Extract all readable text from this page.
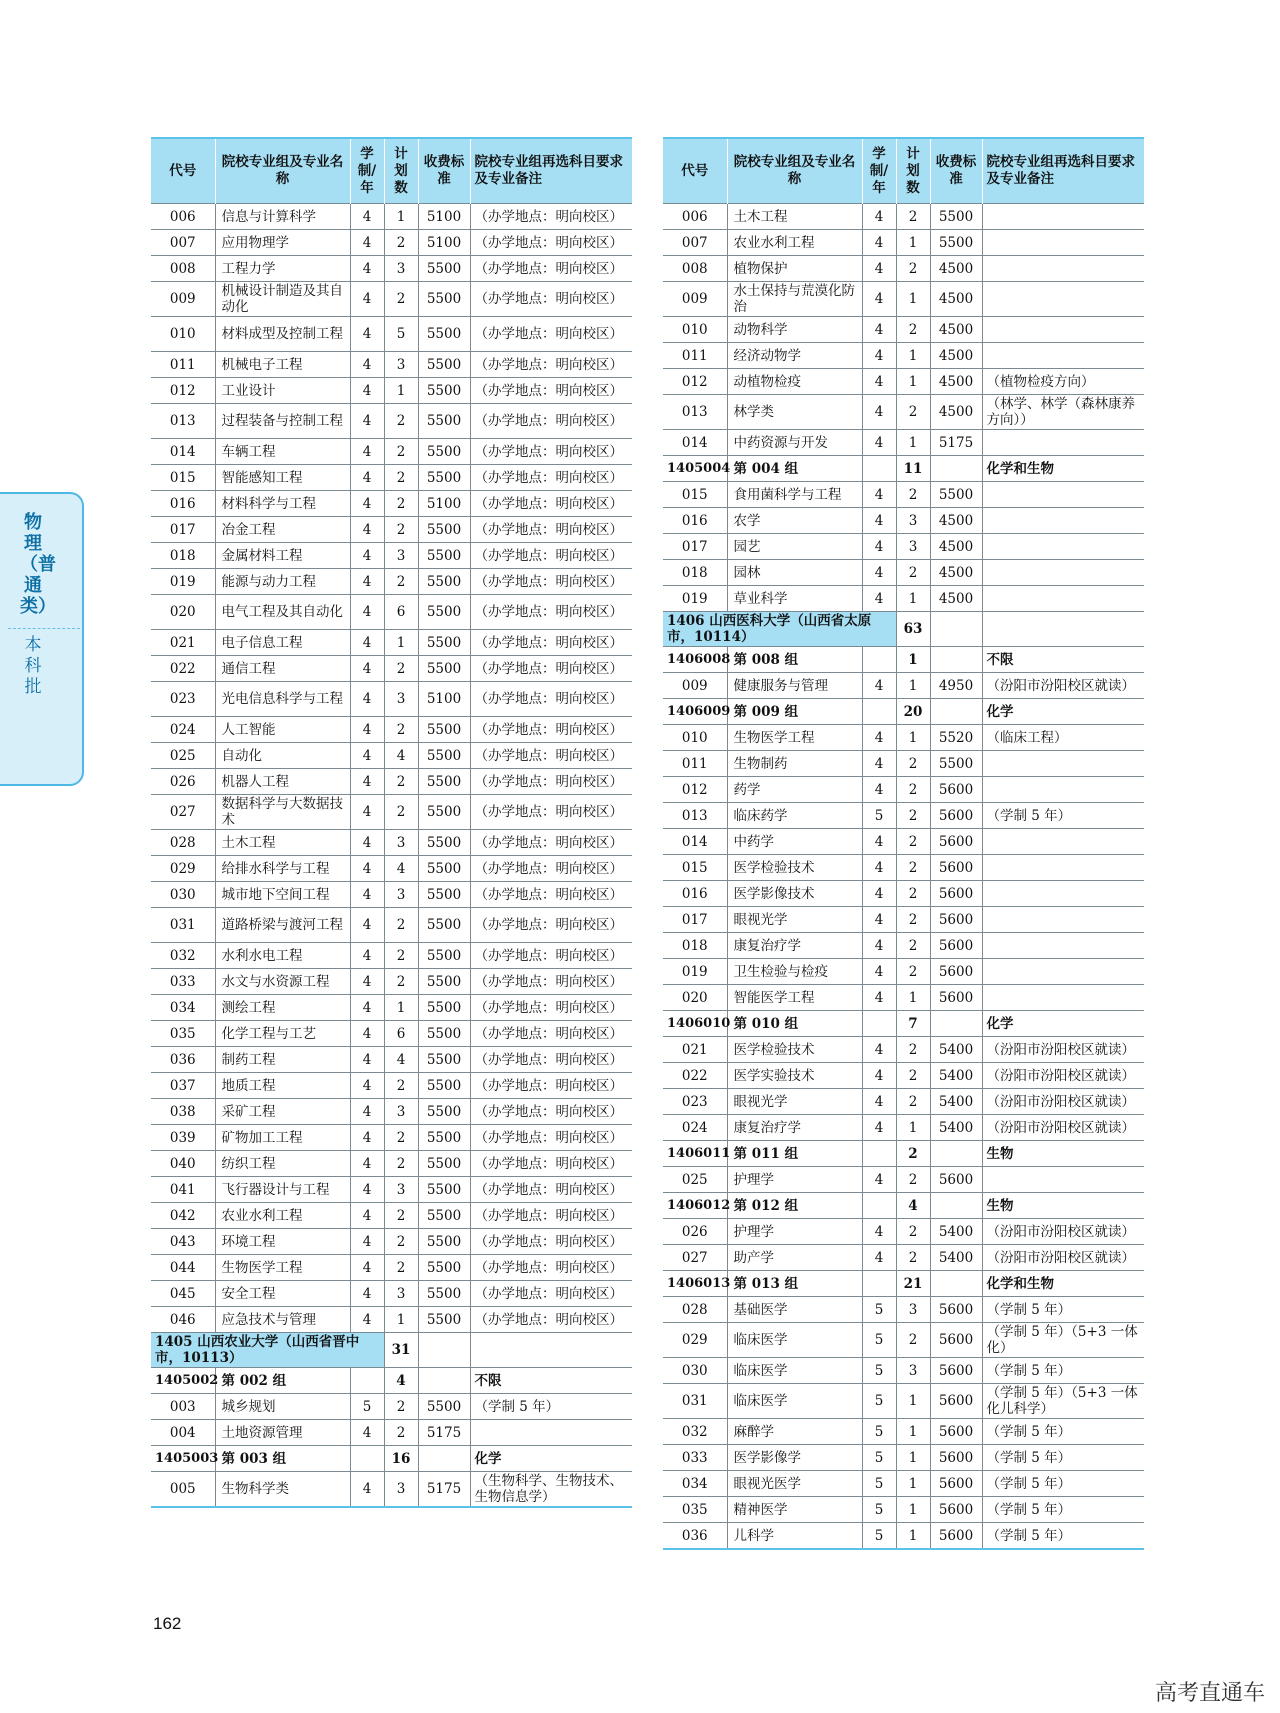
代号	院校专业组及专业名称	学制/年	计划数	收费标准	院校专业组再选科目要求及专业备注
006	信息与计算科学	4	1	5100	（办学地点：明向校区）
007	应用物理学	4	2	5100	（办学地点：明向校区）
008	工程力学	4	3	5500	（办学地点：明向校区）
009	机械设计制造及其自动化	4	2	5500	（办学地点：明向校区）
010	材料成型及控制工程	4	5	5500	（办学地点：明向校区）
011	机械电子工程	4	3	5500	（办学地点：明向校区）
012	工业设计	4	1	5500	（办学地点：明向校区）
013	过程装备与控制工程	4	2	5500	（办学地点：明向校区）
014	车辆工程	4	2	5500	（办学地点：明向校区）
015	智能感知工程	4	2	5500	（办学地点：明向校区）
016	材料科学与工程	4	2	5100	（办学地点：明向校区）
017	冶金工程	4	2	5500	（办学地点：明向校区）
018	金属材料工程	4	3	5500	（办学地点：明向校区）
019	能源与动力工程	4	2	5500	（办学地点：明向校区）
020	电气工程及其自动化	4	6	5500	（办学地点：明向校区）
021	电子信息工程	4	1	5500	（办学地点：明向校区）
022	通信工程	4	2	5500	（办学地点：明向校区）
023	光电信息科学与工程	4	3	5100	（办学地点：明向校区）
024	人工智能	4	2	5500	（办学地点：明向校区）
025	自动化	4	4	5500	（办学地点：明向校区）
026	机器人工程	4	2	5500	（办学地点：明向校区）
027	数据科学与大数据技术	4	2	5500	（办学地点：明向校区）
028	土木工程	4	3	5500	（办学地点：明向校区）
029	给排水科学与工程	4	4	5500	（办学地点：明向校区）
030	城市地下空间工程	4	3	5500	（办学地点：明向校区）
031	道路桥梁与渡河工程	4	2	5500	（办学地点：明向校区）
032	水利水电工程	4	2	5500	（办学地点：明向校区）
033	水文与水资源工程	4	2	5500	（办学地点：明向校区）
034	测绘工程	4	1	5500	（办学地点：明向校区）
035	化学工程与工艺	4	6	5500	（办学地点：明向校区）
036	制药工程	4	4	5500	（办学地点：明向校区）
037	地质工程	4	2	5500	（办学地点：明向校区）
038	采矿工程	4	3	5500	（办学地点：明向校区）
039	矿物加工工程	4	2	5500	（办学地点：明向校区）
040	纺织工程	4	2	5500	（办学地点：明向校区）
041	飞行器设计与工程	4	3	5500	（办学地点：明向校区）
042	农业水利工程	4	2	5500	（办学地点：明向校区）
043	环境工程	4	2	5500	（办学地点：明向校区）
044	生物医学工程	4	2	5500	（办学地点：明向校区）
045	安全工程	4	3	5500	（办学地点：明向校区）
046	应急技术与管理	4	1	5500	（办学地点：明向校区）
1405 山西农业大学（山西省晋中市，10113）			31		
1405002	第 002 组		4		不限
003	城乡规划	5	2	5500	（学制 5 年）
004	土地资源管理	4	2	5175	
1405003	第 003 组		16		化学
005	生物科学类	4	3	5175	（生物科学、生物技术、生物信息学）
代号	院校专业组及专业名称	学制/年	计划数	收费标准	院校专业组再选科目要求及专业备注
006	土木工程	4	2	5500	
007	农业水利工程	4	1	5500	
008	植物保护	4	2	4500	
009	水土保持与荒漠化防治	4	1	4500	
010	动物科学	4	2	4500	
011	经济动物学	4	1	4500	
012	动植物检疫	4	1	4500	（植物检疫方向）
013	林学类	4	2	4500	（林学、林学（森林康养方向））
014	中药资源与开发	4	1	5175	
1405004	第 004 组		11		化学和生物
015	食用菌科学与工程	4	2	5500	
016	农学	4	3	4500	
017	园艺	4	3	4500	
018	园林	4	2	4500	
019	草业科学	4	1	4500	
1406 山西医科大学（山西省太原市，10114）			63		
1406008	第 008 组		1		不限
009	健康服务与管理	4	1	4950	（汾阳市汾阳校区就读）
1406009	第 009 组		20		化学
010	生物医学工程	4	1	5520	（临床工程）
011	生物制药	4	2	5500	
012	药学	4	2	5600	
013	临床药学	5	2	5600	（学制 5 年）
014	中药学	4	2	5600	
015	医学检验技术	4	2	5600	
016	医学影像技术	4	2	5600	
017	眼视光学	4	2	5600	
018	康复治疗学	4	2	5600	
019	卫生检验与检疫	4	2	5600	
020	智能医学工程	4	1	5600	
1406010	第 010 组		7		化学
021	医学检验技术	4	2	5400	（汾阳市汾阳校区就读）
022	医学实验技术	4	2	5400	（汾阳市汾阳校区就读）
023	眼视光学	4	2	5400	（汾阳市汾阳校区就读）
024	康复治疗学	4	1	5400	（汾阳市汾阳校区就读）
1406011	第 011 组		2		生物
025	护理学	4	2	5600	
1406012	第 012 组		4		生物
026	护理学	4	2	5400	（汾阳市汾阳校区就读）
027	助产学	4	2	5400	（汾阳市汾阳校区就读）
1406013	第 013 组		21		化学和生物
028	基础医学	5	3	5600	（学制 5 年）
029	临床医学	5	2	5600	（学制 5 年）（5+3 一体化）
030	临床医学	5	3	5600	（学制 5 年）
031	临床医学	5	1	5600	（学制 5 年）（5+3 一体化儿科学）
032	麻醉学	5	1	5600	（学制 5 年）
033	医学影像学	5	1	5600	（学制 5 年）
034	眼视光医学	5	1	5600	（学制 5 年）
035	精神医学	5	1	5600	（学制 5 年）
036	儿科学	5	1	5600	（学制 5 年）
物理（普通类）
本科批
162
高考直通车
